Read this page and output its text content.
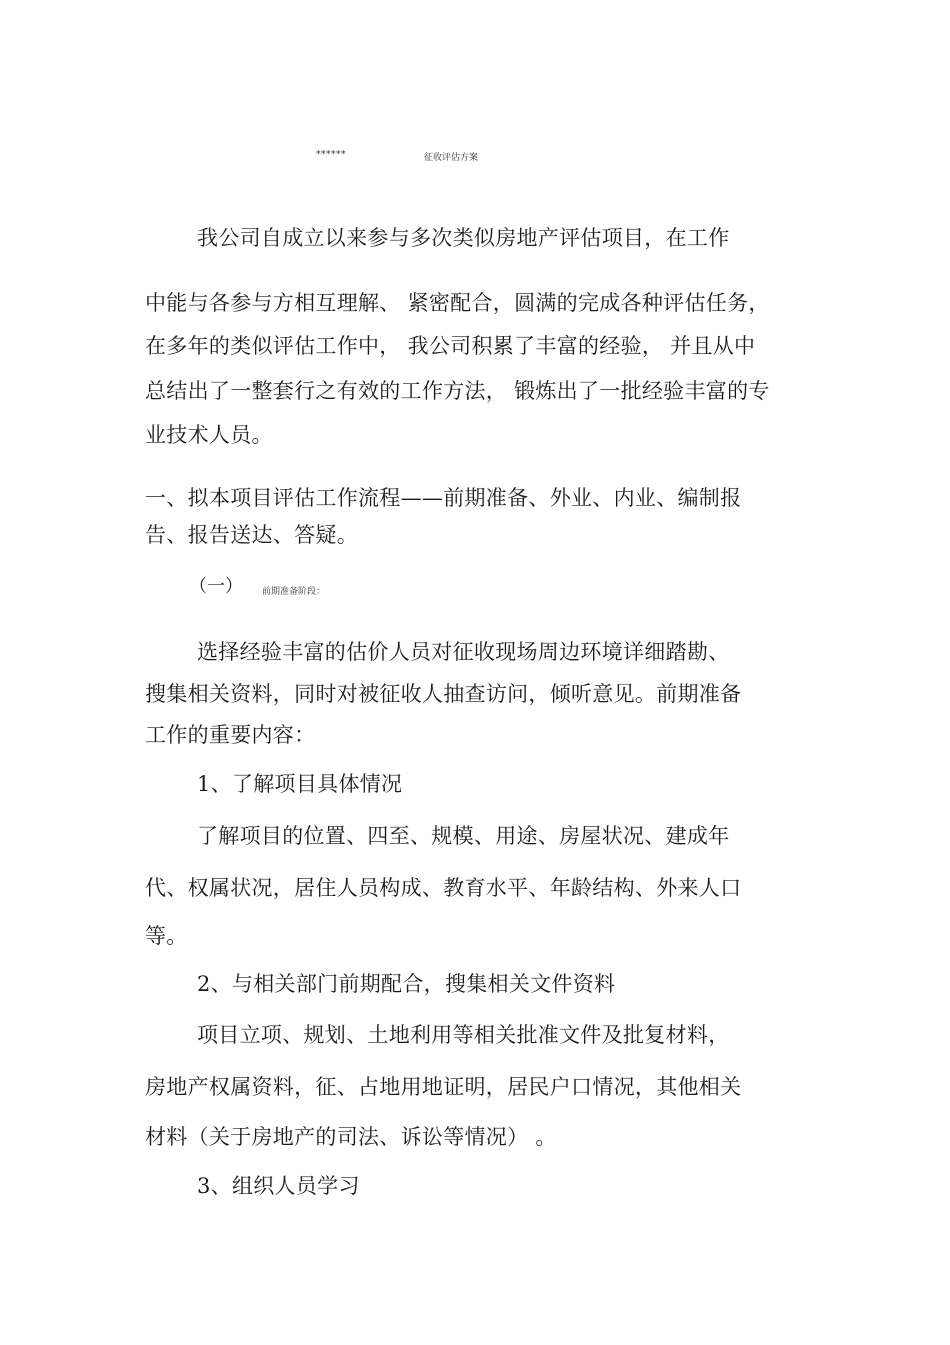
******	征收评估方案
我公司自成立以来参与多次类似房地产评估项目，在工作
中能与各参与方相互理解、 紧密配合，圆满的完成各种评估任务，
在多年的类似评估工作中， 我公司积累了丰富的经验， 并且从中
总结出了一整套行之有效的工作方法， 锻炼出了一批经验丰富的专
业技术人员。
一、拟本项目评估工作流程——前期准备、外业、内业、编制报
告、报告送达、答疑。
（一） 前期准备阶段：
选择经验丰富的估价人员对征收现场周边环境详细踏勘、
搜集相关资料，同时对被征收人抽查访问，倾听意见。前期准备
工作的重要内容：
1、了解项目具体情况
了解项目的位置、四至、规模、用途、房屋状况、建成年
代、权属状况，居住人员构成、教育水平、年龄结构、外来人口
等。
2、与相关部门前期配合，搜集相关文件资料
项目立项、规划、土地利用等相关批准文件及批复材料，
房地产权属资料，征、占地用地证明，居民户口情况，其他相关
材料（关于房地产的司法、诉讼等情况） 。
3、组织人员学习
